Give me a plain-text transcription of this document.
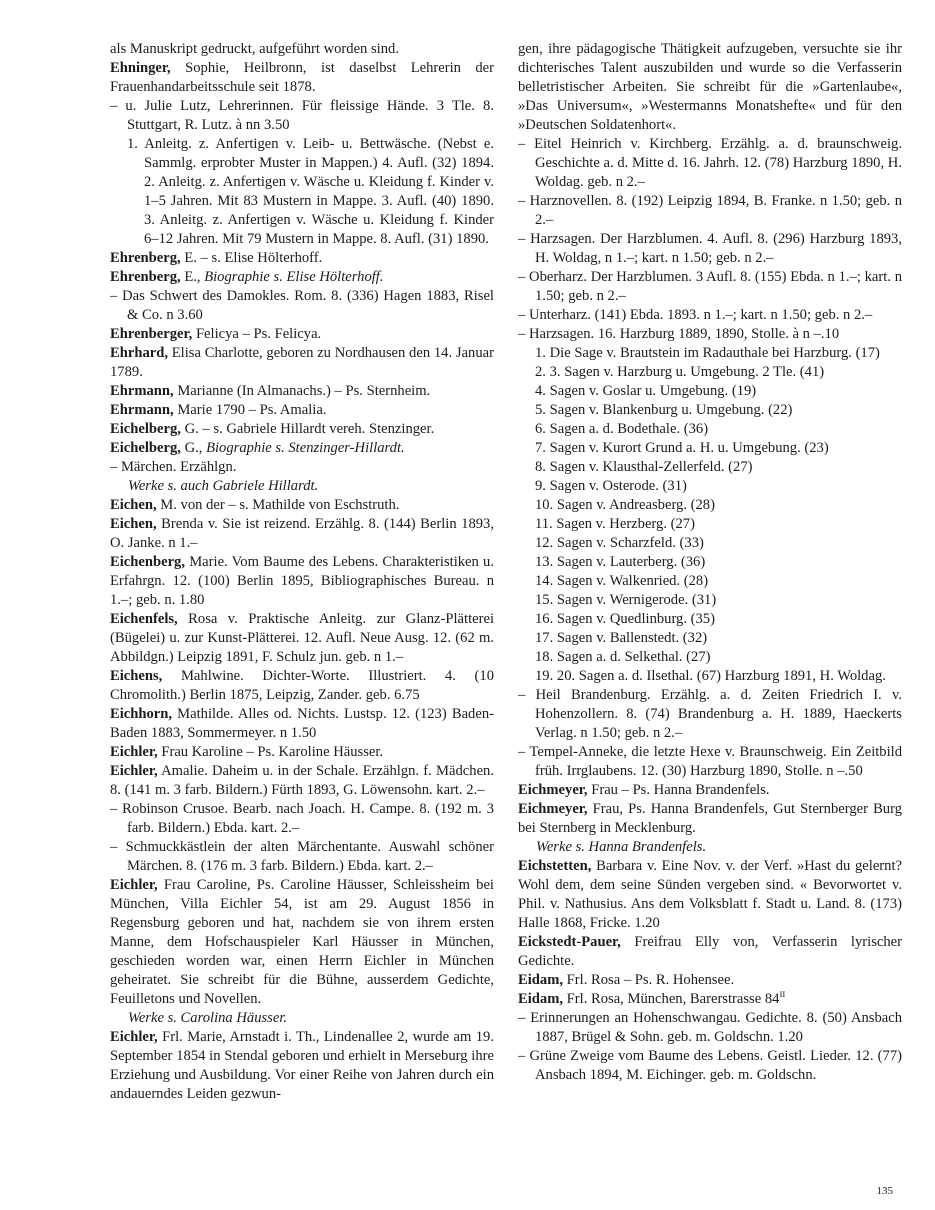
als Manuskript gedruckt, aufgeführt worden sind.
Ehninger, Sophie, Heilbronn, ist daselbst Lehrerin der Frauenhandarbeitsschule seit 1878.
– u. Julie Lutz, Lehrerinnen. Für fleissige Hände. 3 Tle. 8. Stuttgart, R. Lutz. à nn 3.50
1. Anleitg. z. Anfertigen v. Leib- u. Bettwäsche. (Nebst e. Sammlg. erprobter Muster in Mappen.) 4. Aufl. (32) 1894. 2. Anleitg. z. Anfertigen v. Wäsche u. Kleidung f. Kinder v. 1–5 Jahren. Mit 83 Mustern in Mappe. 3. Aufl. (40) 1890. 3. Anleitg. z. Anfertigen v. Wäsche u. Kleidung f. Kinder 6–12 Jahren. Mit 79 Mustern in Mappe. 8. Aufl. (31) 1890.
Ehrenberg, E. – s. Elise Hölterhoff.
Ehrenberg, E., Biographie s. Elise Hölterhoff.
– Das Schwert des Damokles. Rom. 8. (336) Hagen 1883, Risel & Co. n 3.60
Ehrenberger, Felicya – Ps. Felicya.
Ehrhard, Elisa Charlotte, geboren zu Nordhausen den 14. Januar 1789.
Ehrmann, Marianne (In Almanachs.) – Ps. Sternheim.
Ehrmann, Marie 1790 – Ps. Amalia.
Eichelberg, G. – s. Gabriele Hillardt vereh. Stenzinger.
Eichelberg, G., Biographie s. Stenzinger-Hillardt.
– Märchen. Erzählgn.
Werke s. auch Gabriele Hillardt.
Eichen, M. von der – s. Mathilde von Eschstruth.
Eichen, Brenda v. Sie ist reizend. Erzählg. 8. (144) Berlin 1893, O. Janke. n 1.–
Eichenberg, Marie. Vom Baume des Lebens. Charakteristiken u. Erfahrgn. 12. (100) Berlin 1895, Bibliographisches Bureau. n 1.–; geb. n. 1.80
Eichenfels, Rosa v. Praktische Anleitg. zur Glanz-Plätterei (Bügelei) u. zur Kunst-Plätterei. 12. Aufl. Neue Ausg. 12. (62 m. Abbildgn.) Leipzig 1891, F. Schulz jun. geb. n 1.–
Eichens, Mahlwine. Dichter-Worte. Illustriert. 4. (10 Chromolith.) Berlin 1875, Leipzig, Zander. geb. 6.75
Eichhorn, Mathilde. Alles od. Nichts. Lustsp. 12. (123) Baden-Baden 1883, Sommermeyer. n 1.50
Eichler, Frau Karoline – Ps. Karoline Häusser.
Eichler, Amalie. Daheim u. in der Schale. Erzählgn. f. Mädchen. 8. (141 m. 3 farb. Bildern.) Fürth 1893, G. Löwensohn. kart. 2.–
– Robinson Crusoe. Bearb. nach Joach. H. Campe. 8. (192 m. 3 farb. Bildern.) Ebda. kart. 2.–
– Schmuckkästlein der alten Märchentante. Auswahl schöner Märchen. 8. (176 m. 3 farb. Bildern.) Ebda. kart. 2.–
Eichler, Frau Caroline, Ps. Caroline Häusser, Schleissheim bei München, Villa Eichler 54, ist am 29. August 1856 in Regensburg geboren und hat, nachdem sie von ihrem ersten Manne, dem Hofschauspieler Karl Häusser in München, geschieden worden war, einen Herrn Eichler in München geheiratet. Sie schreibt für die Bühne, ausserdem Gedichte, Feuilletons und Novellen.
Werke s. Carolina Häusser.
Eichler, Frl. Marie, Arnstadt i. Th., Lindenallee 2, wurde am 19. September 1854 in Stendal geboren und erhielt in Merseburg ihre Erziehung und Ausbildung. Vor einer Reihe von Jahren durch ein andauerndes Leiden gezwun-
gen, ihre pädagogische Thätigkeit aufzugeben, versuchte sie ihr dichterisches Talent auszubilden und wurde so die Verfasserin belletristischer Arbeiten. Sie schreibt für die »Gartenlaube«, »Das Universum«, »Westermanns Monatshefte« und für den »Deutschen Soldatenhort«.
– Eitel Heinrich v. Kirchberg. Erzählg. a. d. braunschweig. Geschichte a. d. Mitte d. 16. Jahrh. 12. (78) Harzburg 1890, H. Woldag. geb. n 2.–
– Harznovellen. 8. (192) Leipzig 1894, B. Franke. n 1.50; geb. n 2.–
– Harzsagen. Der Harzblumen. 4. Aufl. 8. (296) Harzburg 1893, H. Woldag, n 1.–; kart. n 1.50; geb. n 2.–
– Oberharz. Der Harzblumen. 3 Aufl. 8. (155) Ebda. n 1.–; kart. n 1.50; geb. n 2.–
– Unterharz. (141) Ebda. 1893. n 1.–; kart. n 1.50; geb. n 2.–
– Harzsagen. 16. Harzburg 1889, 1890, Stolle. à n –.10
1. Die Sage v. Brautstein im Radauthale bei Harzburg. (17)
2. 3. Sagen v. Harzburg u. Umgebung. 2 Tle. (41)
4. Sagen v. Goslar u. Umgebung. (19)
5. Sagen v. Blankenburg u. Umgebung. (22)
6. Sagen a. d. Bodethale. (36)
7. Sagen v. Kurort Grund a. H. u. Umgebung. (23)
8. Sagen v. Klausthal-Zellerfeld. (27)
9. Sagen v. Osterode. (31)
10. Sagen v. Andreasberg. (28)
11. Sagen v. Herzberg. (27)
12. Sagen v. Scharzfeld. (33)
13. Sagen v. Lauterberg. (36)
14. Sagen v. Walkenried. (28)
15. Sagen v. Wernigerode. (31)
16. Sagen v. Quedlinburg. (35)
17. Sagen v. Ballenstedt. (32)
18. Sagen a. d. Selkethal. (27)
19. 20. Sagen a. d. Ilsethal. (67) Harzburg 1891, H. Woldag.
– Heil Brandenburg. Erzählg. a. d. Zeiten Friedrich I. v. Hohenzollern. 8. (74) Brandenburg a. H. 1889, Haeckerts Verlag. n 1.50; geb. n 2.–
– Tempel-Anneke, die letzte Hexe v. Braunschweig. Ein Zeitbild früh. Irrglaubens. 12. (30) Harzburg 1890, Stolle. n –.50
Eichmeyer, Frau – Ps. Hanna Brandenfels.
Eichmeyer, Frau, Ps. Hanna Brandenfels, Gut Sternberger Burg bei Sternberg in Mecklenburg.
Werke s. Hanna Brandenfels.
Eichstetten, Barbara v. Eine Nov. v. der Verf. »Hast du gelernt? Wohl dem, dem seine Sünden vergeben sind. « Bevorwortet v. Phil. v. Nathusius. Ans dem Volksblatt f. Stadt u. Land. 8. (173) Halle 1868, Fricke. 1.20
Eickstedt-Pauer, Freifrau Elly von, Verfasserin lyrischer Gedichte.
Eidam, Frl. Rosa – Ps. R. Hohensee.
Eidam, Frl. Rosa, München, Barerstrasse $84^{II}$
– Erinnerungen an Hohenschwangau. Gedichte. 8. (50) Ansbach 1887, Brügel & Sohn. geb. m. Goldschn. 1.20
– Grüne Zweige vom Baume des Lebens. Geistl. Lieder. 12. (77) Ansbach 1894, M. Eichinger. geb. m. Goldschn.
135
